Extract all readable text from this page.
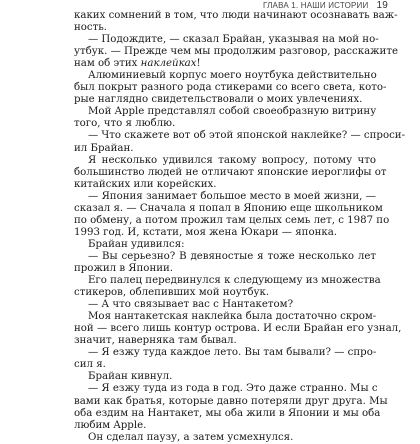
ГЛАВА 1. НАШИ ИСТОРИИ 19
каких сомнений в том, что люди начинают осознавать важ-
ность.
— Подождите, — сказал Брайан, указывая на мой но-
утбук. — Прежде чем мы продолжим разговор, расскажите
нам об этих наклейках!
Алюминиевый корпус моего ноутбука действительно
был покрыт разного рода стикерами со всего света, кото-
рые наглядно свидетельствовали о моих увлечениях.
Мой Apple представлял собой своеобразную витрину
того, что я люблю.
— Что скажете вот об этой японской наклейке? — спроси-
ил Брайан.
Я несколько удивился такому вопросу, потому что
большинство людей не отличают японские иероглифы от
китайских или корейских.
— Япония занимает большое место в моей жизни, —
сказал я. — Сначала я попал в Японию еще школьником
по обмену, а потом прожил там целых семь лет, с 1987 по
1993 год. И, кстати, моя жена Юкари — японка.
Брайан удивился:
— Вы серьезно? В девяностые я тоже несколько лет
прожил в Японии.
Его палец передвинулся к следующему из множества
стикеров, облепивших мой ноутбук.
— А что связывает вас с Нантакетом?
Моя нантакетская наклейка была достаточно скром-
ной — всего лишь контур острова. И если Брайан его узнал,
значит, наверняка там бывал.
— Я езжу туда каждое лето. Вы там бывали? — спро-
сил я.
Брайан кивнул.
— Я езжу туда из года в год. Это даже странно. Мы с
вами как братья, которые давно потеряли друг друга. Мы
оба ездим на Нантакет, мы оба жили в Японии и мы оба
любим Apple.
Он сделал паузу, а затем усмехнулся.
